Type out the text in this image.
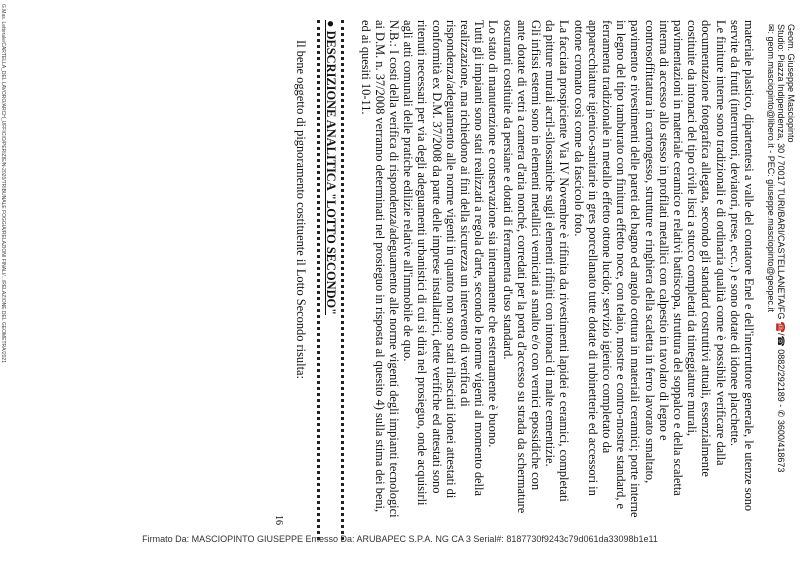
Geom. Giuseppe Masciopinto
Studio: Piazza Indipendenza, 30 / 70017 TURI/BARI/CASTELLANETA/FG ☎️/☎ 0882/292189 - ✆ 3600/418673
✉: geom.masciopinto@libero.it - PEC: giuseppe.masciopinto@geopec.it
materiale plastico, dipartentesi a valle del contatore Enel e dell'interruttore generale, le utenze sono
servite da frutti (interruttori, deviatori, prese, ecc..) e sono dotate di idonee placchette.
Le finiture interne sono tradizionali e di ordinaria qualità come è possibile verificare dalla
documentazione fotografica allegata, secondo gli standard costruttivi attuali, essenzialmente
costituite da intonaci del tipo civile lisci a stucco completati da tinteggiature murali,
pavimentazioni in materiale ceramico e relativi battiscopa, struttura del soppalco e della scaletta
interna di accesso allo stesso in profilati metallici con calpestio in tavolato di legno e
controsoffittatura in cartongesso, strutture e ringhiera della scaletta in ferro lavorato smaltato,
pavimento e rivestimenti delle pareti del bagno ed angolo cottura in materiali ceramici; porte interne
in legno del tipo tamburato con finitura effetto noce, con telaio, mostre e contro-mostre standard, e
ferramenta tradizionale in metallo effetto ottone lucido; servizio igienico completato da
apparecchiature igienico-sanitarie in gres porcellanato tutte dotate di rubinetterie ed accessori in
ottone cromato così come da fascicolo foto.
La facciata prospiciente Via IV Novembre è rifinita da rivestimenti lapidei e ceramici, completati
da pitture murali acril-silossaniche sugli elementi rifiniti con intonaci di malte cementizie.
Gli infissi esterni sono in elementi metallici verniciati a smalto e/o con vernici epossidiche con
ante dotate di vetri a camera d'aria nonché, corredati per la porta d'accesso su strada da schermature
oscuranti costituite da persiane e dotati di ferramenta d'uso standard.
Lo stato di manutenzione e conservazione sia internamente che esternamente è buono.
Tutti gli impianti sono stati realizzati a regola d'arte, secondo le norme vigenti al momento della
realizzazione, ma richiedono ai fini della sicurezza un intervento di verifica di
rispondenza/adeguamento alle norme vigenti in quanto non sono stati rilasciati idonei attestati di
conformità ex D.M. 37/2008 da parte delle imprese installatrici, dette verifiche ed attestati sono
ritenuti necessari per via degli adeguamenti urbanistici di cui si dirà nel prosieguo, onde acquisirli
agli atti comunali delle pratiche edilizie relative all'immobile de quo.
N.B.: I costi della verifica di rispondenza/adeguamento alle norme vigenti degli impianti tecnologici
ai D.M. n. 37/2008 verranno determinati nel prosieguo in risposta al quesito 4) sulla stima dei beni,
ed ai quesiti 10-11.
● DESCRIZIONE ANALITICA "LOTTO SECONDO"
Il bene oggetto di pignoramento costituente il Lotto Secondo risulta:
16
G.Mas. Letterale/CARTELLA_DEL LAVORO/ARCH_UFFICIO/PERIZIE/N-2020/TRIBUNALE FOGGIA/RELAZIONI FINALI/.../RELAZIONE DEL GEOMETRA/2021
Firmato Da: MASCIOPINTO GIUSEPPE Emesso Da: ARUBAPEC S.P.A. NG CA 3 Serial#: 8187730f9243c79d061da33098b1e11
